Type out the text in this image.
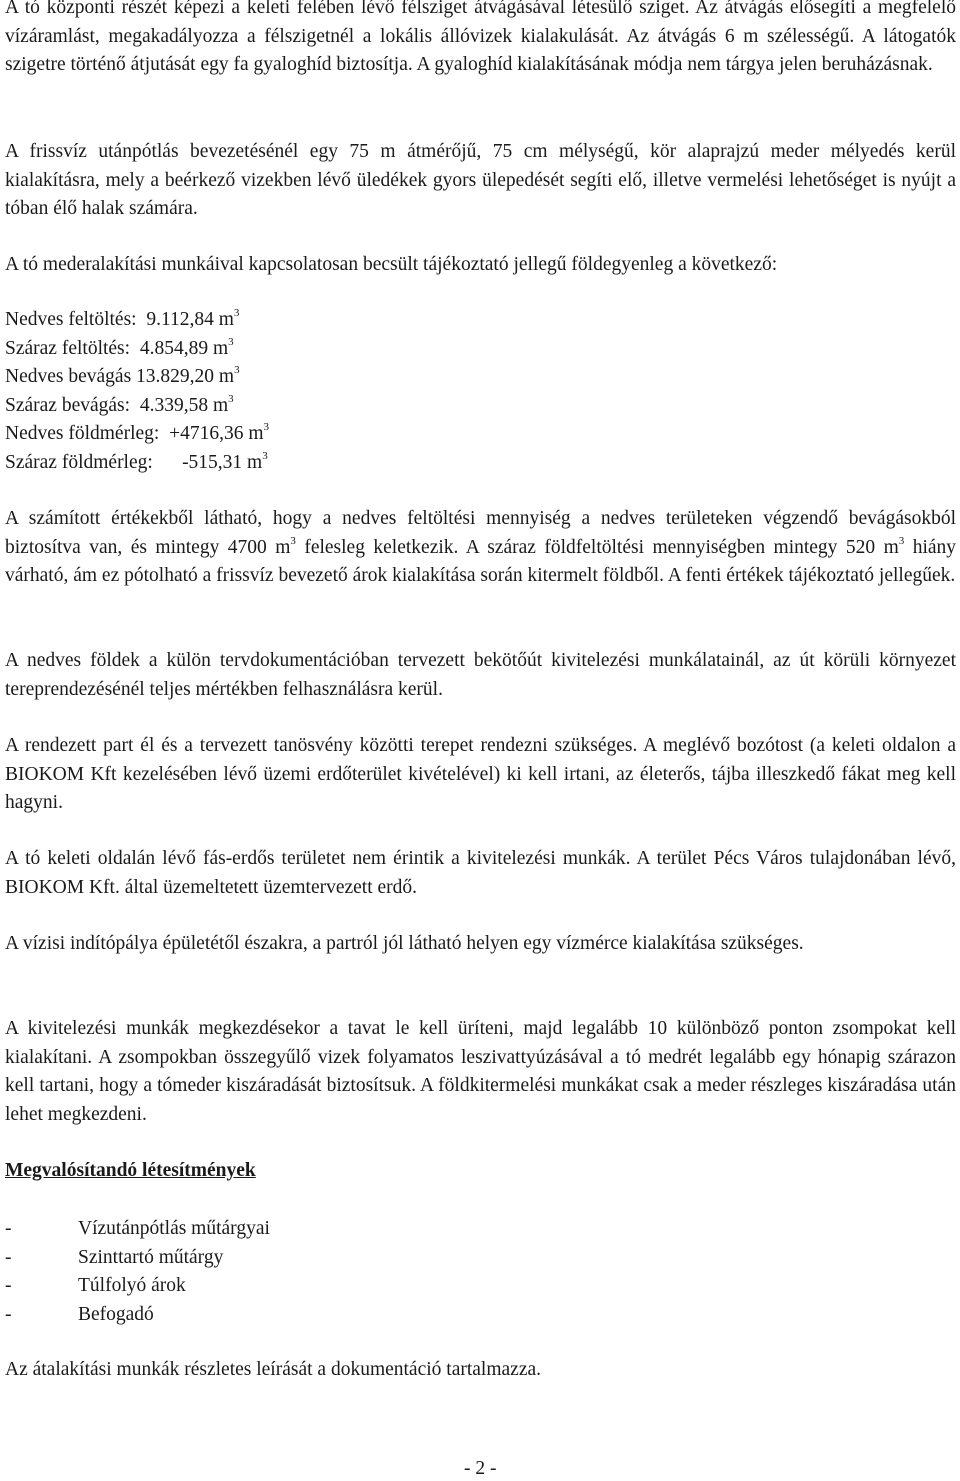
A tó központi részét képezi a keleti felében lévő félsziget átvágásával létesülő sziget. Az átvágás elősegíti a megfelelő vízáramlást, megakadályozza a félszigetnél a lokális állóvizek kialakulását. Az átvágás 6 m szélességű. A látogatók szigetre történő átjutását egy fa gyaloghíd biztosítja. A gyaloghíd kialakításának módja nem tárgya jelen beruházásnak.

A frissvíz utánpótlás bevezetésénél egy 75 m átmérőjű, 75 cm mélységű, kör alaprajzú meder mélyedés kerül kialakításra, mely a beérkező vizekben lévő üledékek gyors ülepedését segíti elő, illetve vermelési lehetőséget is nyújt a tóban élő halak számára.

A tó mederalakítási munkáival kapcsolatosan becsült tájékoztató jellegű földegyenleg a következő:

Nedves feltöltés:  9.112,84 $m^3$
Száraz feltöltés:  4.854,89 $m^3$
Nedves bevágás 13.829,20 $m^3$
Száraz bevágás:  4.339,58 $m^3$
Nedves földmérleg:  +4716,36 $m^3$
Száraz földmérleg:      -515,31 $m^3$

A számított értékekből látható, hogy a nedves feltöltési mennyiség a nedves területeken végzendő bevágásokból biztosítva van, és mintegy 4700 $m^3$ felesleg keletkezik. A száraz földfeltöltési mennyiségben mintegy 520 $m^3$ hiány várható, ám ez pótolható a frissvíz bevezető árok kialakítása során kitermelt földből. A fenti értékek tájékoztató jellegűek.

A nedves földek a külön tervdokumentációban tervezett bekötőút kivitelezési munkálatainál, az út körüli környezet tereprendezésénél teljes mértékben felhasználásra kerül.

A rendezett part él és a tervezett tanösvény közötti terepet rendezni szükséges. A meglévő bozótost (a keleti oldalon a BIOKOM Kft kezelésében lévő üzemi erdőterület kivételével) ki kell irtani, az életerős, tájba illeszkedő fákat meg kell hagyni.

A tó keleti oldalán lévő fás-erdős területet nem érintik a kivitelezési munkák. A terület Pécs Város tulajdonában lévő, BIOKOM Kft. által üzemeltetett üzemtervezett erdő.

A vízisi indítópálya épületétől északra, a partról jól látható helyen egy vízmérce kialakítása szükséges.

A kivitelezési munkák megkezdésekor a tavat le kell üríteni, majd legalább 10 különböző ponton zsompokat kell kialakítani. A zsompokban összegyűlő vizek folyamatos leszivattyúzásával a tó medrét legalább egy hónapig szárazon kell tartani, hogy a tómeder kiszáradását biztosítsuk. A földkitermelési munkákat csak a meder részleges kiszáradása után lehet megkezdeni.

Megvalósítandó létesítmények
-	Vízutánpótlás műtárgyai
-	Szinttartó műtárgy
-	Túlfolyó árok
-	Befogadó

Az átalakítási munkák részletes leírását a dokumentáció tartalmazza.

- 2 -
